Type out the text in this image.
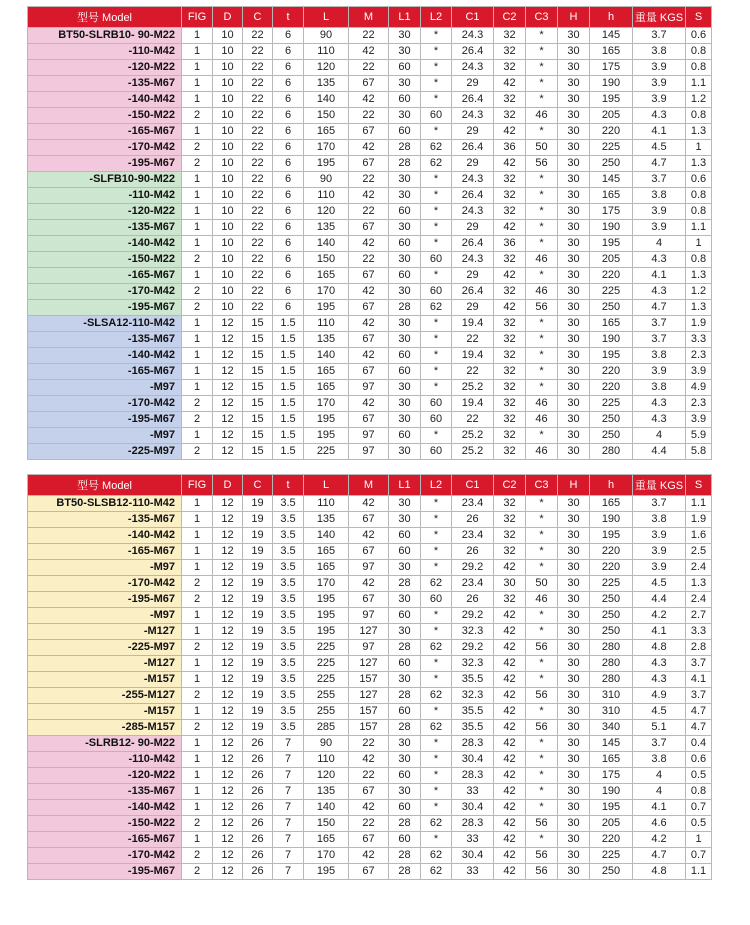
型号 Model	FIG	D	C	t	L	M	L1	L2	C1	C2	C3	H	h	重量 KGS	S
BT50-SLRB10- 90-M22	1	10	22	6	90	22	30	*	24.3	32	*	30	145	3.7	0.6
-110-M42	1	10	22	6	110	42	30	*	26.4	32	*	30	165	3.8	0.8
-120-M22	1	10	22	6	120	22	60	*	24.3	32	*	30	175	3.9	0.8
-135-M67	1	10	22	6	135	67	30	*	29	42	*	30	190	3.9	1.1
-140-M42	1	10	22	6	140	42	60	*	26.4	32	*	30	195	3.9	1.2
-150-M22	2	10	22	6	150	22	30	60	24.3	32	46	30	205	4.3	0.8
-165-M67	1	10	22	6	165	67	60	*	29	42	*	30	220	4.1	1.3
-170-M42	2	10	22	6	170	42	28	62	26.4	36	50	30	225	4.5	1
-195-M67	2	10	22	6	195	67	28	62	29	42	56	30	250	4.7	1.3
-SLFB10-90-M22	1	10	22	6	90	22	30	*	24.3	32	*	30	145	3.7	0.6
-110-M42	1	10	22	6	110	42	30	*	26.4	32	*	30	165	3.8	0.8
-120-M22	1	10	22	6	120	22	60	*	24.3	32	*	30	175	3.9	0.8
-135-M67	1	10	22	6	135	67	30	*	29	42	*	30	190	3.9	1.1
-140-M42	1	10	22	6	140	42	60	*	26.4	36	*	30	195	4	1
-150-M22	2	10	22	6	150	22	30	60	24.3	32	46	30	205	4.3	0.8
-165-M67	1	10	22	6	165	67	60	*	29	42	*	30	220	4.1	1.3
-170-M42	2	10	22	6	170	42	30	60	26.4	32	46	30	225	4.3	1.2
-195-M67	2	10	22	6	195	67	28	62	29	42	56	30	250	4.7	1.3
-SLSA12-110-M42	1	12	15	1.5	110	42	30	*	19.4	32	*	30	165	3.7	1.9
-135-M67	1	12	15	1.5	135	67	30	*	22	32	*	30	190	3.7	3.3
-140-M42	1	12	15	1.5	140	42	60	*	19.4	32	*	30	195	3.8	2.3
-165-M67	1	12	15	1.5	165	67	60	*	22	32	*	30	220	3.9	3.9
-M97	1	12	15	1.5	165	97	30	*	25.2	32	*	30	220	3.8	4.9
-170-M42	2	12	15	1.5	170	42	30	60	19.4	32	46	30	225	4.3	2.3
-195-M67	2	12	15	1.5	195	67	30	60	22	32	46	30	250	4.3	3.9
-M97	1	12	15	1.5	195	97	60	*	25.2	32	*	30	250	4	5.9
-225-M97	2	12	15	1.5	225	97	30	60	25.2	32	46	30	280	4.4	5.8
型号 Model	FIG	D	C	t	L	M	L1	L2	C1	C2	C3	H	h	重量 KGS	S
BT50-SLSB12-110-M42	1	12	19	3.5	110	42	30	*	23.4	32	*	30	165	3.7	1.1
-135-M67	1	12	19	3.5	135	67	30	*	26	32	*	30	190	3.8	1.9
-140-M42	1	12	19	3.5	140	42	60	*	23.4	32	*	30	195	3.9	1.6
-165-M67	1	12	19	3.5	165	67	60	*	26	32	*	30	220	3.9	2.5
-M97	1	12	19	3.5	165	97	30	*	29.2	42	*	30	220	3.9	2.4
-170-M42	2	12	19	3.5	170	42	28	62	23.4	30	50	30	225	4.5	1.3
-195-M67	2	12	19	3.5	195	67	30	60	26	32	46	30	250	4.4	2.4
-M97	1	12	19	3.5	195	97	60	*	29.2	42	*	30	250	4.2	2.7
-M127	1	12	19	3.5	195	127	30	*	32.3	42	*	30	250	4.1	3.3
-225-M97	2	12	19	3.5	225	97	28	62	29.2	42	56	30	280	4.8	2.8
-M127	1	12	19	3.5	225	127	60	*	32.3	42	*	30	280	4.3	3.7
-M157	1	12	19	3.5	225	157	30	*	35.5	42	*	30	280	4.3	4.1
-255-M127	2	12	19	3.5	255	127	28	62	32.3	42	56	30	310	4.9	3.7
-M157	1	12	19	3.5	255	157	60	*	35.5	42	*	30	310	4.5	4.7
-285-M157	2	12	19	3.5	285	157	28	62	35.5	42	56	30	340	5.1	4.7
-SLRB12- 90-M22	1	12	26	7	90	22	30	*	28.3	42	*	30	145	3.7	0.4
-110-M42	1	12	26	7	110	42	30	*	30.4	42	*	30	165	3.8	0.6
-120-M22	1	12	26	7	120	22	60	*	28.3	42	*	30	175	4	0.5
-135-M67	1	12	26	7	135	67	30	*	33	42	*	30	190	4	0.8
-140-M42	1	12	26	7	140	42	60	*	30.4	42	*	30	195	4.1	0.7
-150-M22	2	12	26	7	150	22	28	62	28.3	42	56	30	205	4.6	0.5
-165-M67	1	12	26	7	165	67	60	*	33	42	*	30	220	4.2	1
-170-M42	2	12	26	7	170	42	28	62	30.4	42	56	30	225	4.7	0.7
-195-M67	2	12	26	7	195	67	28	62	33	42	56	30	250	4.8	1.1
